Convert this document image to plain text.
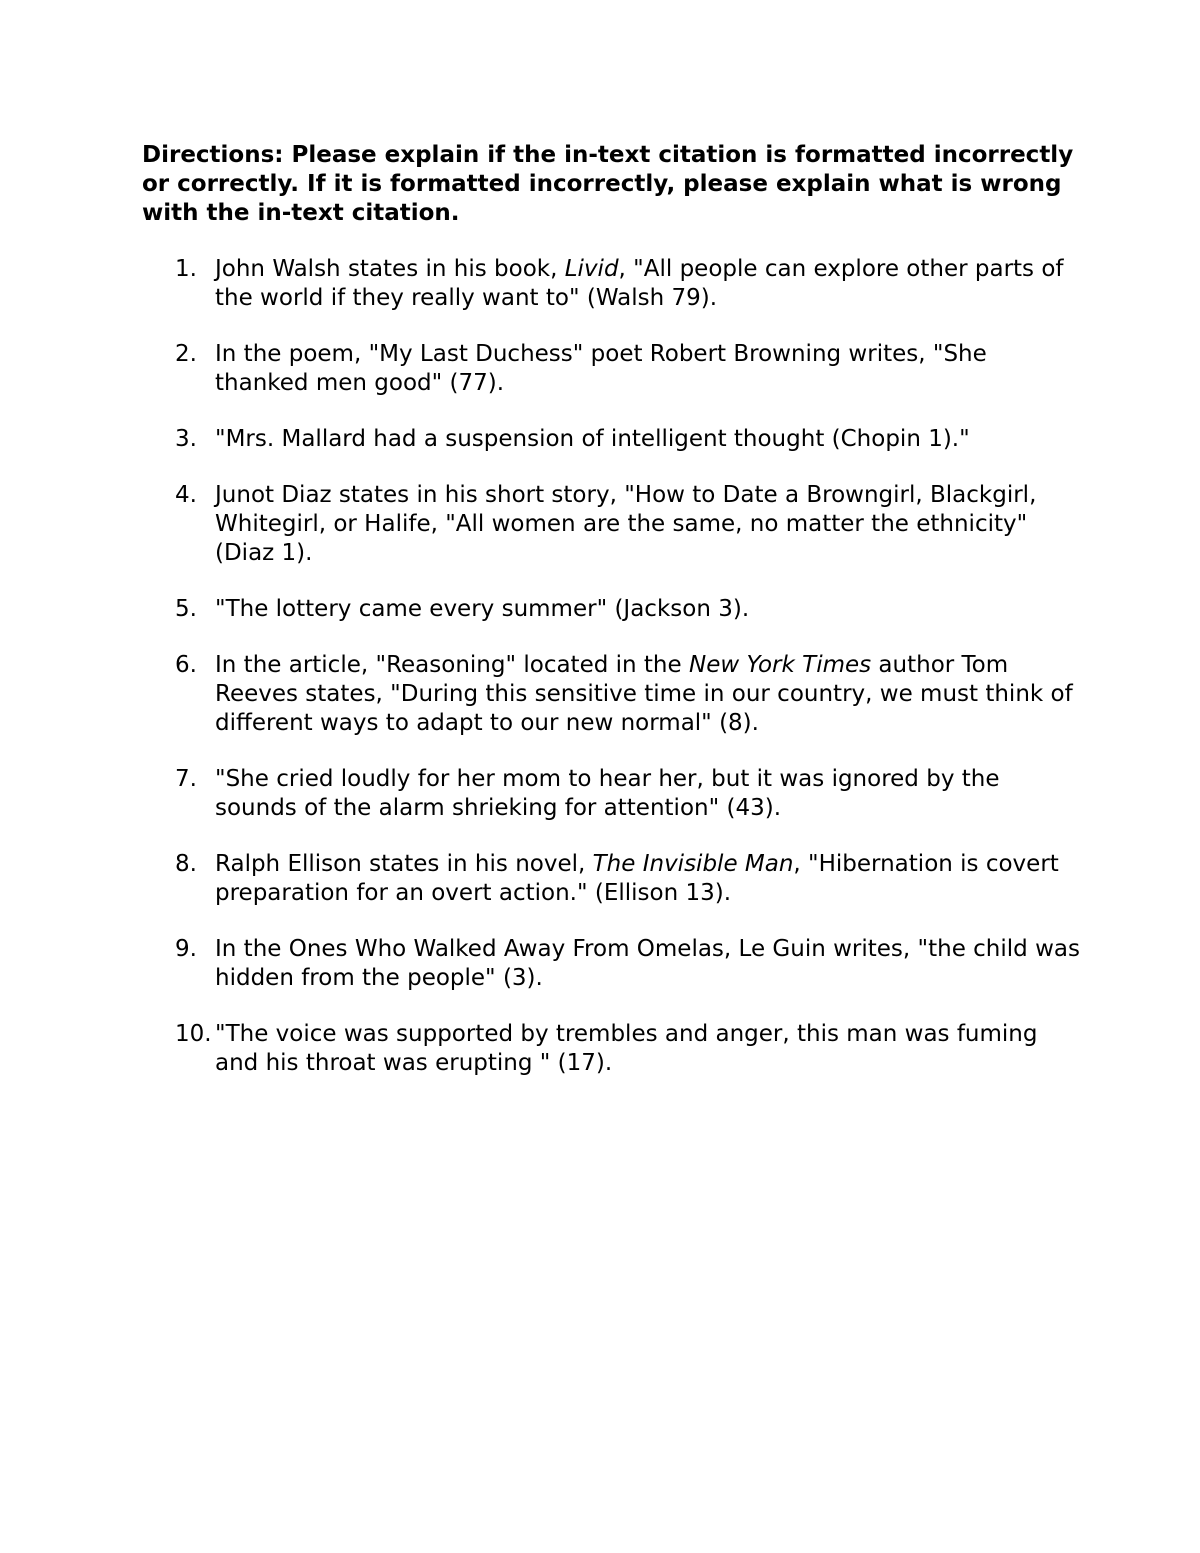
Directions: Please explain if the in-text citation is formatted incorrectly or correctly. If it is formatted incorrectly, please explain what is wrong with the in-text citation.
1. John Walsh states in his book, Livid, "All people can explore other parts of the world if they really want to" (Walsh 79).
2. In the poem, "My Last Duchess" poet Robert Browning writes, "She thanked men good" (77).
3. "Mrs. Mallard had a suspension of intelligent thought (Chopin 1)."
4. Junot Diaz states in his short story, "How to Date a Browngirl, Blackgirl, Whitegirl, or Halife, "All women are the same, no matter the ethnicity" (Diaz 1).
5. "The lottery came every summer" (Jackson 3).
6. In the article, "Reasoning" located in the New York Times author Tom Reeves states, "During this sensitive time in our country, we must think of different ways to adapt to our new normal" (8).
7. "She cried loudly for her mom to hear her, but it was ignored by the sounds of the alarm shrieking for attention" (43).
8. Ralph Ellison states in his novel, The Invisible Man, "Hibernation is covert preparation for an overt action." (Ellison 13).
9. In the Ones Who Walked Away From Omelas, Le Guin writes, "the child was hidden from the people" (3).
10. "The voice was supported by trembles and anger, this man was fuming and his throat was erupting " (17).
